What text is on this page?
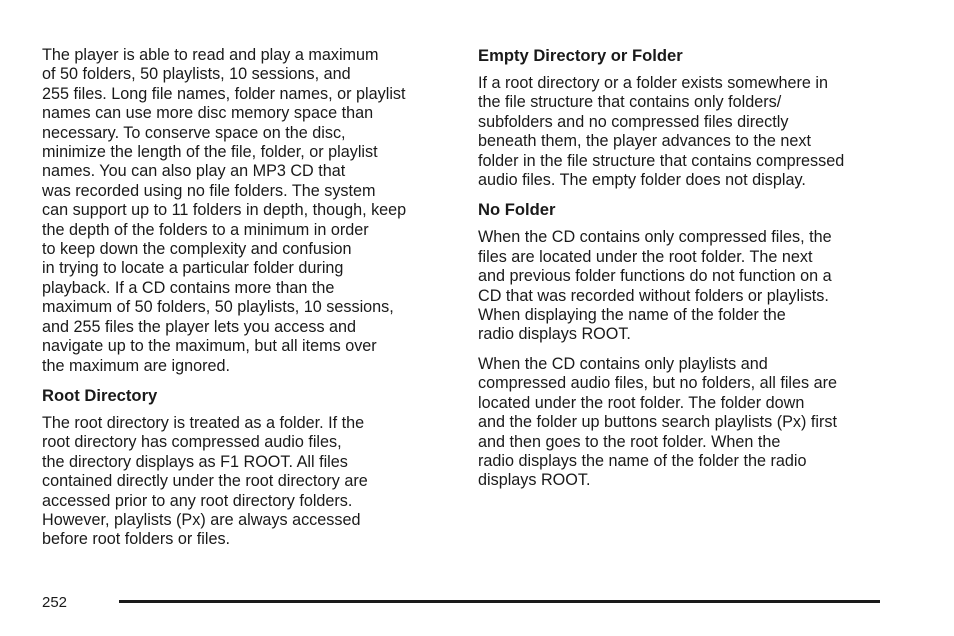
The player is able to read and play a maximum
of 50 folders, 50 playlists, 10 sessions, and
255 files. Long file names, folder names, or playlist
names can use more disc memory space than
necessary. To conserve space on the disc,
minimize the length of the file, folder, or playlist
names. You can also play an MP3 CD that
was recorded using no file folders. The system
can support up to 11 folders in depth, though, keep
the depth of the folders to a minimum in order
to keep down the complexity and confusion
in trying to locate a particular folder during
playback. If a CD contains more than the
maximum of 50 folders, 50 playlists, 10 sessions,
and 255 files the player lets you access and
navigate up to the maximum, but all items over
the maximum are ignored.
Root Directory
The root directory is treated as a folder. If the
root directory has compressed audio files,
the directory displays as F1 ROOT. All files
contained directly under the root directory are
accessed prior to any root directory folders.
However, playlists (Px) are always accessed
before root folders or files.
Empty Directory or Folder
If a root directory or a folder exists somewhere in
the file structure that contains only folders/
subfolders and no compressed files directly
beneath them, the player advances to the next
folder in the file structure that contains compressed
audio files. The empty folder does not display.
No Folder
When the CD contains only compressed files, the
files are located under the root folder. The next
and previous folder functions do not function on a
CD that was recorded without folders or playlists.
When displaying the name of the folder the
radio displays ROOT.
When the CD contains only playlists and
compressed audio files, but no folders, all files are
located under the root folder. The folder down
and the folder up buttons search playlists (Px) first
and then goes to the root folder. When the
radio displays the name of the folder the radio
displays ROOT.
252
